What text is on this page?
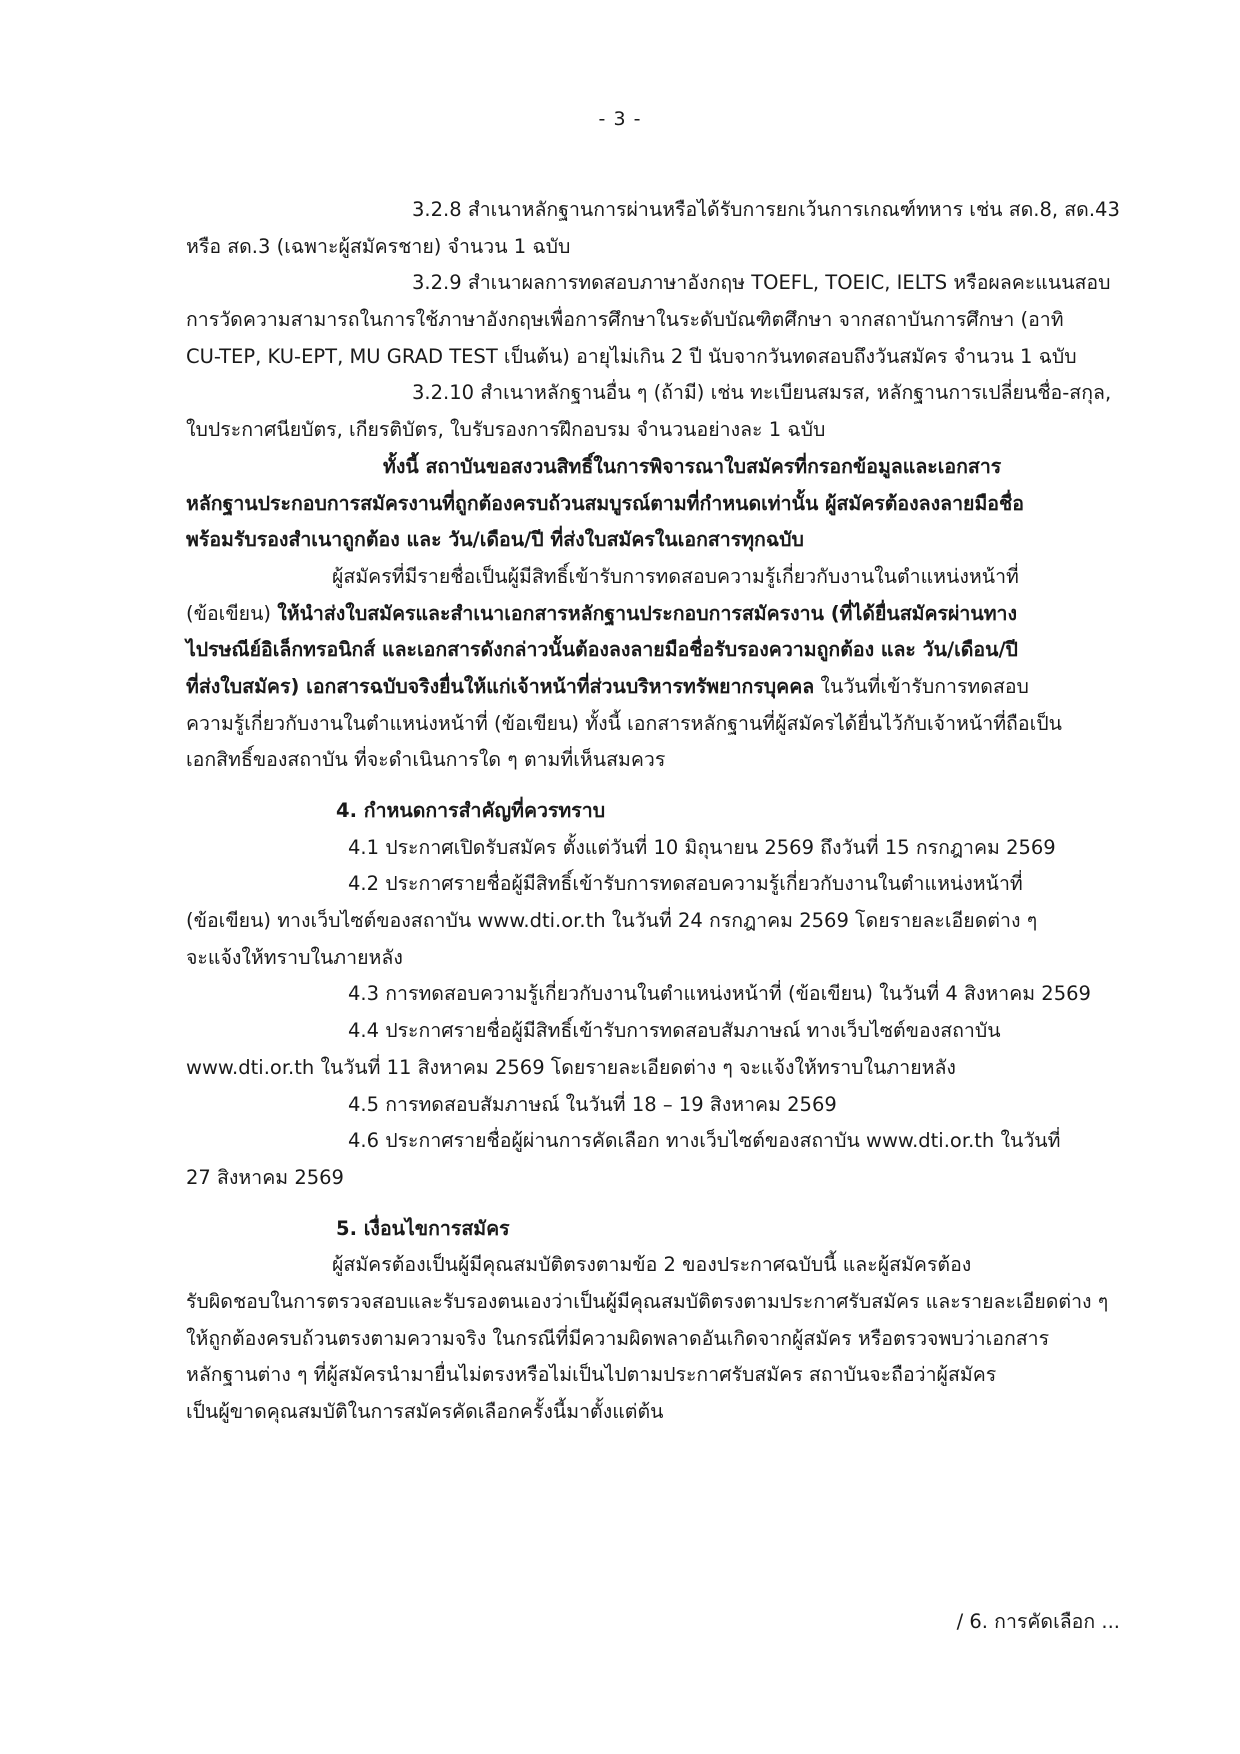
- 3 -
3.2.8 สำเนาหลักฐานการผ่านหรือได้รับการยกเว้นการเกณฑ์ทหาร เช่น สด.8, สด.43
หรือ สด.3 (เฉพาะผู้สมัครชาย) จำนวน 1 ฉบับ
3.2.9 สำเนาผลการทดสอบภาษาอังกฤษ TOEFL, TOEIC, IELTS หรือผลคะแนนสอบ
การวัดความสามารถในการใช้ภาษาอังกฤษเพื่อการศึกษาในระดับบัณฑิตศึกษา จากสถาบันการศึกษา (อาทิ
CU-TEP, KU-EPT, MU GRAD TEST เป็นต้น) อายุไม่เกิน 2 ปี นับจากวันทดสอบถึงวันสมัคร จำนวน 1 ฉบับ
3.2.10 สำเนาหลักฐานอื่น ๆ (ถ้ามี) เช่น ทะเบียนสมรส, หลักฐานการเปลี่ยนชื่อ-สกุล,
ใบประกาศนียบัตร, เกียรติบัตร, ใบรับรองการฝึกอบรม จำนวนอย่างละ 1 ฉบับ
ทั้งนี้ สถาบันขอสงวนสิทธิ์ในการพิจารณาใบสมัครที่กรอกข้อมูลและเอกสาร
หลักฐานประกอบการสมัครงานที่ถูกต้องครบถ้วนสมบูรณ์ตามที่กำหนดเท่านั้น ผู้สมัครต้องลงลายมือชื่อ
พร้อมรับรองสำเนาถูกต้อง และ วัน/เดือน/ปี ที่ส่งใบสมัครในเอกสารทุกฉบับ
ผู้สมัครที่มีรายชื่อเป็นผู้มีสิทธิ์เข้ารับการทดสอบความรู้เกี่ยวกับงานในตำแหน่งหน้าที่
(ข้อเขียน) ให้นำส่งใบสมัครและสำเนาเอกสารหลักฐานประกอบการสมัครงาน (ที่ได้ยื่นสมัครผ่านทาง
ไปรษณีย์อิเล็กทรอนิกส์ และเอกสารดังกล่าวนั้นต้องลงลายมือชื่อรับรองความถูกต้อง และ วัน/เดือน/ปี
ที่ส่งใบสมัคร) เอกสารฉบับจริงยื่นให้แก่เจ้าหน้าที่ส่วนบริหารทรัพยากรบุคคล ในวันที่เข้ารับการทดสอบ
ความรู้เกี่ยวกับงานในตำแหน่งหน้าที่ (ข้อเขียน) ทั้งนี้ เอกสารหลักฐานที่ผู้สมัครได้ยื่นไว้กับเจ้าหน้าที่ถือเป็น
เอกสิทธิ์ของสถาบัน ที่จะดำเนินการใด ๆ ตามที่เห็นสมควร
4. กำหนดการสำคัญที่ควรทราบ
4.1 ประกาศเปิดรับสมัคร ตั้งแต่วันที่ 10 มิถุนายน 2569 ถึงวันที่ 15 กรกฎาคม 2569
4.2 ประกาศรายชื่อผู้มีสิทธิ์เข้ารับการทดสอบความรู้เกี่ยวกับงานในตำแหน่งหน้าที่
(ข้อเขียน) ทางเว็บไซต์ของสถาบัน www.dti.or.th ในวันที่ 24 กรกฎาคม 2569 โดยรายละเอียดต่าง ๆ
จะแจ้งให้ทราบในภายหลัง
4.3 การทดสอบความรู้เกี่ยวกับงานในตำแหน่งหน้าที่ (ข้อเขียน) ในวันที่ 4 สิงหาคม 2569
4.4 ประกาศรายชื่อผู้มีสิทธิ์เข้ารับการทดสอบสัมภาษณ์ ทางเว็บไซต์ของสถาบัน
www.dti.or.th ในวันที่ 11 สิงหาคม 2569 โดยรายละเอียดต่าง ๆ จะแจ้งให้ทราบในภายหลัง
4.5 การทดสอบสัมภาษณ์ ในวันที่ 18 – 19 สิงหาคม 2569
4.6 ประกาศรายชื่อผู้ผ่านการคัดเลือก ทางเว็บไซต์ของสถาบัน www.dti.or.th ในวันที่
27 สิงหาคม 2569
5. เงื่อนไขการสมัคร
ผู้สมัครต้องเป็นผู้มีคุณสมบัติตรงตามข้อ 2 ของประกาศฉบับนี้ และผู้สมัครต้อง
รับผิดชอบในการตรวจสอบและรับรองตนเองว่าเป็นผู้มีคุณสมบัติตรงตามประกาศรับสมัคร และรายละเอียดต่าง ๆ
ให้ถูกต้องครบถ้วนตรงตามความจริง ในกรณีที่มีความผิดพลาดอันเกิดจากผู้สมัคร หรือตรวจพบว่าเอกสาร
หลักฐานต่าง ๆ ที่ผู้สมัครนำมายื่นไม่ตรงหรือไม่เป็นไปตามประกาศรับสมัคร สถาบันจะถือว่าผู้สมัคร
เป็นผู้ขาดคุณสมบัติในการสมัครคัดเลือกครั้งนี้มาตั้งแต่ต้น
/ 6. การคัดเลือก ...
